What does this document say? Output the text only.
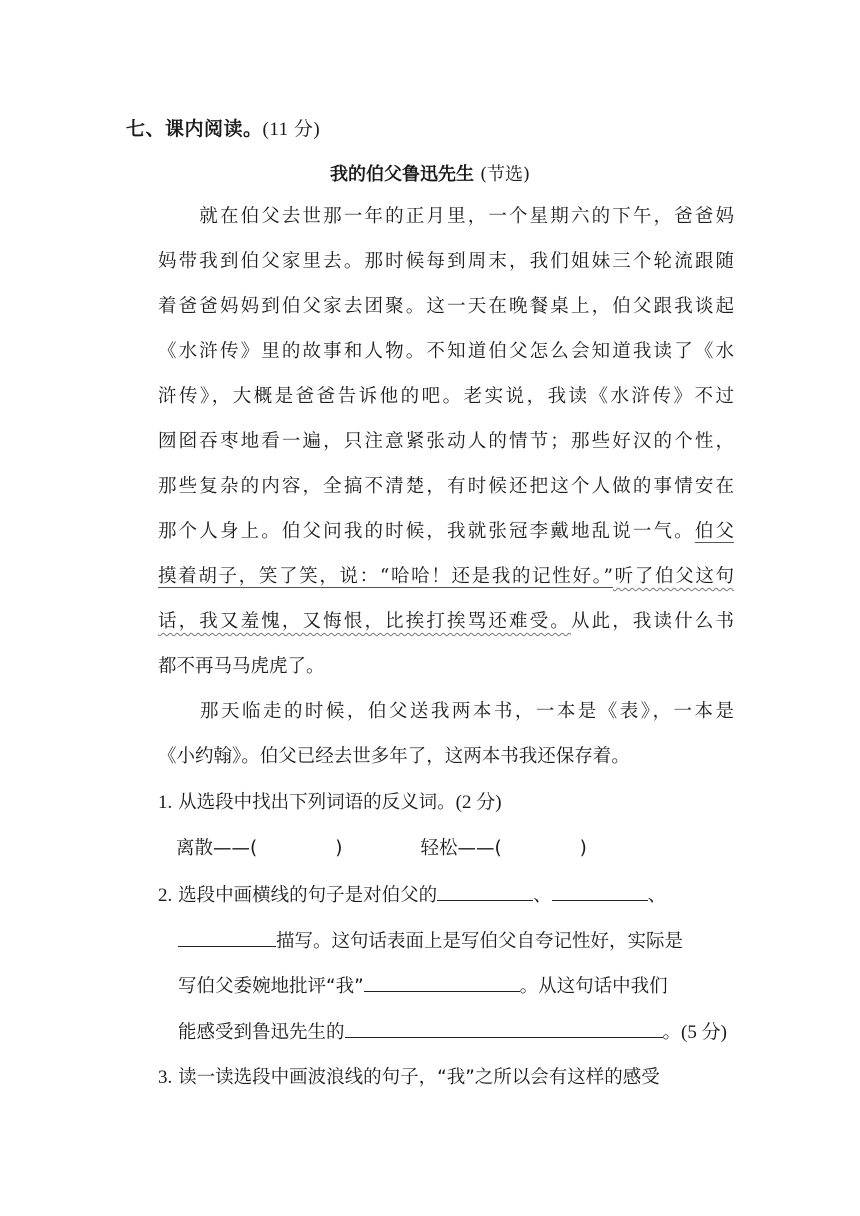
七、课内阅读。(11 分)
我的伯父鲁迅先生 (节选)
　　就在伯父去世那一年的正月里，一个星期六的下午，爸爸妈
妈带我到伯父家里去。那时候每到周末，我们姐妹三个轮流跟随
着爸爸妈妈到伯父家去团聚。这一天在晚餐桌上，伯父跟我谈起
《水浒传》里的故事和人物。不知道伯父怎么会知道我读了《水
浒传》，大概是爸爸告诉他的吧。老实说，我读《水浒传》不过
囫囵吞枣地看一遍，只注意紧张动人的情节；那些好汉的个性，
那些复杂的内容，全搞不清楚，有时候还把这个人做的事情安在
那个人身上。伯父问我的时候，我就张冠李戴地乱说一气。伯父
摸着胡子，笑了笑，说：“哈哈！还是我的记性好。”听了伯父这句
话，我又羞愧，又悔恨，比挨打挨骂还难受。从此，我读什么书
都不再马马虎虎了。
　　那天临走的时候，伯父送我两本书，一本是《表》，一本是
《小约翰》。伯父已经去世多年了，这两本书我还保存着。
1. 从选段中找出下列词语的反义词。(2 分)
离散——(	)	轻松——(	)
2. 选段中画横线的句子是对伯父的	、	、
描写。这句话表面上是写伯父自夸记性好，实际是
写伯父委婉地批评“我”	。从这句话中我们
能感受到鲁迅先生的	。(5 分)
3. 读一读选段中画波浪线的句子，“我”之所以会有这样的感受
